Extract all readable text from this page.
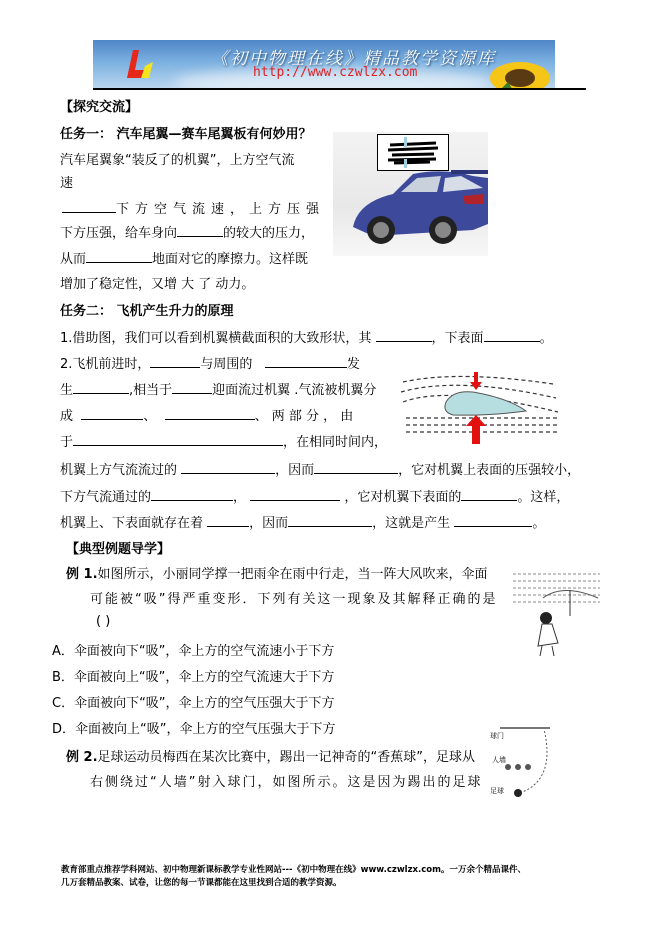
《初中物理在线》精品教学资源库
http://www.czwlzx.com
【探究交流】
任务一： 汽车尾翼—赛车尾翼板有何妙用？
汽车尾翼象“装反了的机翼”，上方空气流
速
下方空气流速，上方压强
下方压强，给车身向	的较大的压力，
从而	地面对它的摩擦力。这样既
增加了稳定性，又增 大 了 动力。
任务二： 飞机产生升力的原理
1.借助图，我们可以看到机翼横截面积的大致形状，其	，下表面	。
2.飞机前进时，	与周围的	发
生	,相当于	迎面流过机翼 .气流被机翼分
成	、	、 两 部 分 ， 由
于	，在相同时间内，
机翼上方气流流过的	，因而	，它对机翼上表面的压强较小，
下方气流通过的	，	，它对机翼下表面的	。这样，
机翼上、下表面就存在着	，因而	，这就是产生	。
【典型例题导学】
例 1.如图所示，小丽同学撑一把雨伞在雨中行走，当一阵大风吹来，伞面
可能被“吸”得严重变形．下列有关这一现象及其解释正确的是
( )
A．伞面被向下“吸”，伞上方的空气流速小于下方
B．伞面被向上“吸”，伞上方的空气流速大于下方
C．伞面被向下“吸”，伞上方的空气压强大于下方
D．伞面被向上“吸”，伞上方的空气压强大于下方
例 2.足球运动员梅西在某次比赛中，踢出一记神奇的“香蕉球”，足球从
右侧绕过“人墙”射入球门，如图所示。这是因为踢出的足球
球门
人墙
足球
教育部重点推荐学科网站、初中物理新课标教学专业性网站---《初中物理在线》www.czwlzx.com。一万余个精品课件、
几万套精品教案、试卷，让您的每一节课都能在这里找到合适的教学资源。
